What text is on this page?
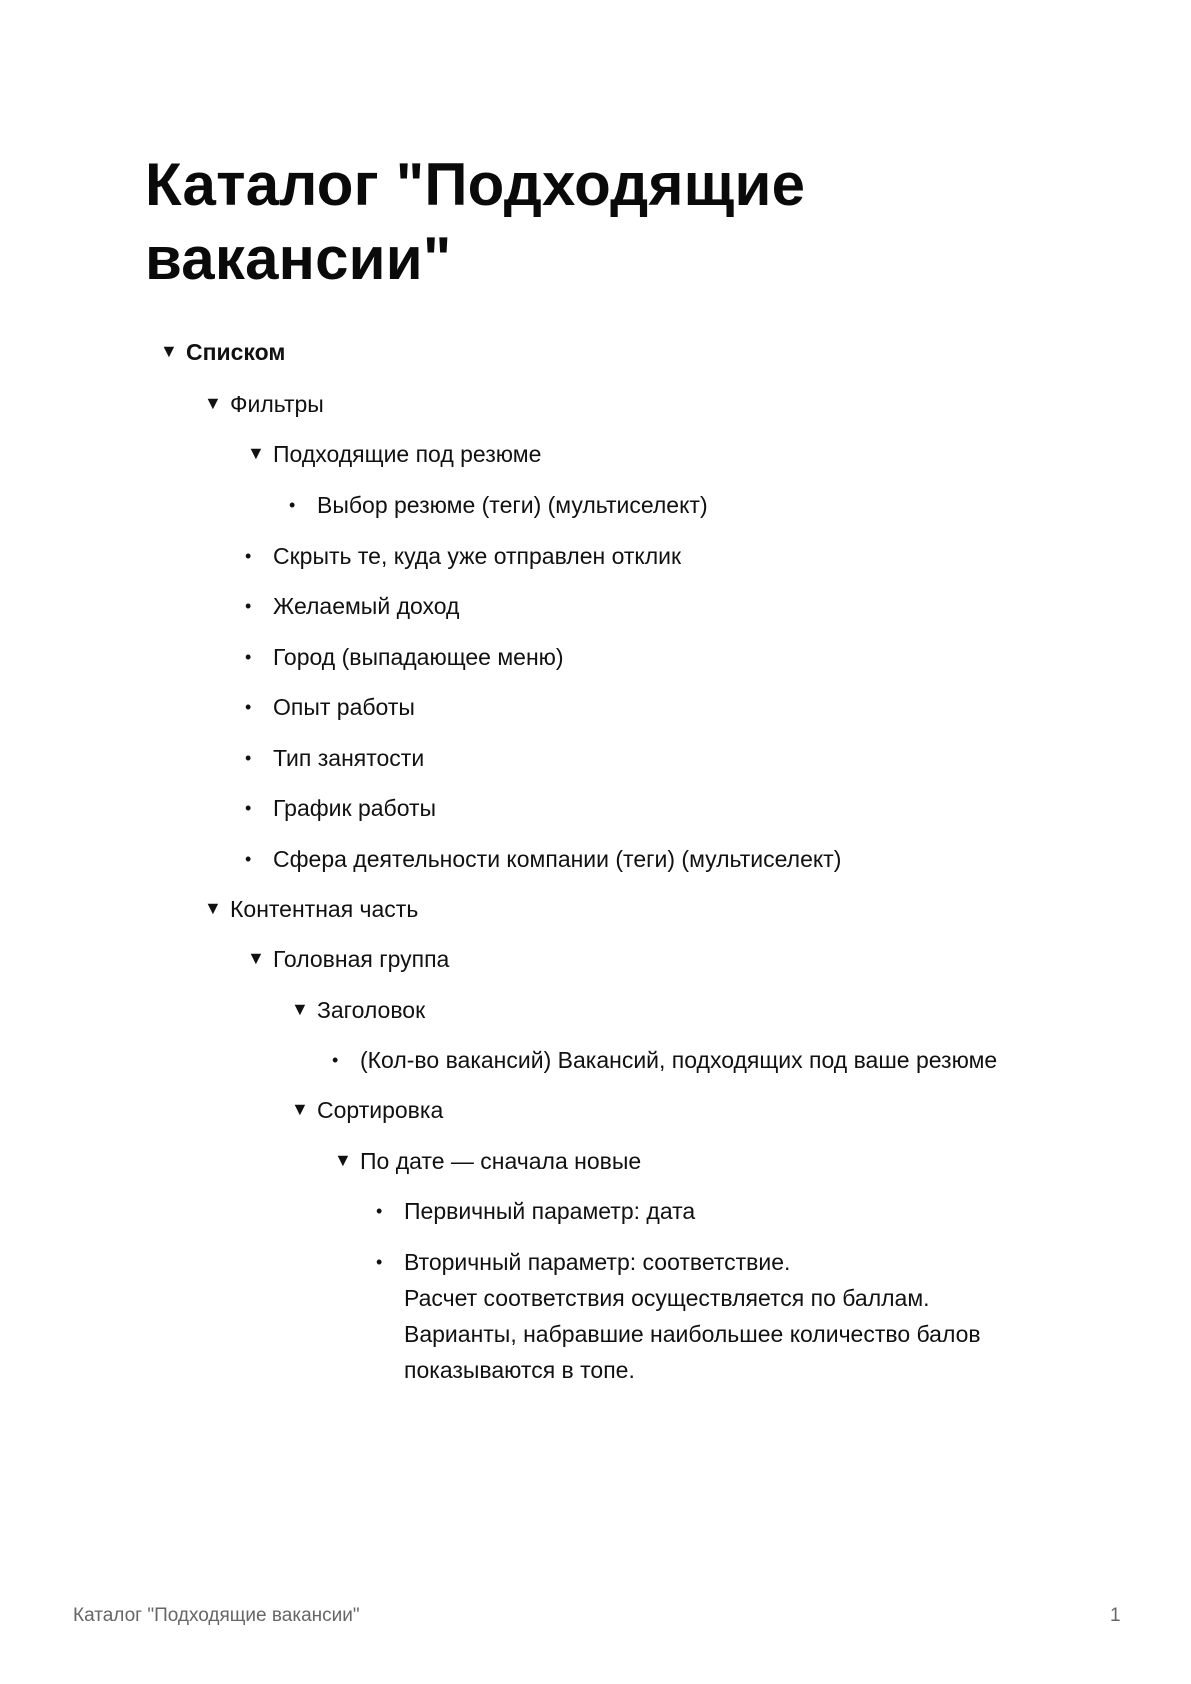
Каталог "Подходящие вакансии"
▼ Списком
▼ Фильтры
▼ Подходящие под резюме
• Выбор резюме (теги) (мультиселект)
• Скрыть те, куда уже отправлен отклик
• Желаемый доход
• Город (выпадающее меню)
• Опыт работы
• Тип занятости
• График работы
• Сфера деятельности компании (теги) (мультиселект)
▼ Контентная часть
▼ Головная группа
▼ Заголовок
• (Кол-во вакансий) Вакансий, подходящих под ваше резюме
▼ Сортировка
▼ По дате — сначала новые
• Первичный параметр: дата
• Вторичный параметр: соответствие.
Расчет соответствия осуществляется по баллам.
Варианты, набравшие наибольшее количество балов
показываются в топе.
Каталог "Подходящие вакансии"	1
